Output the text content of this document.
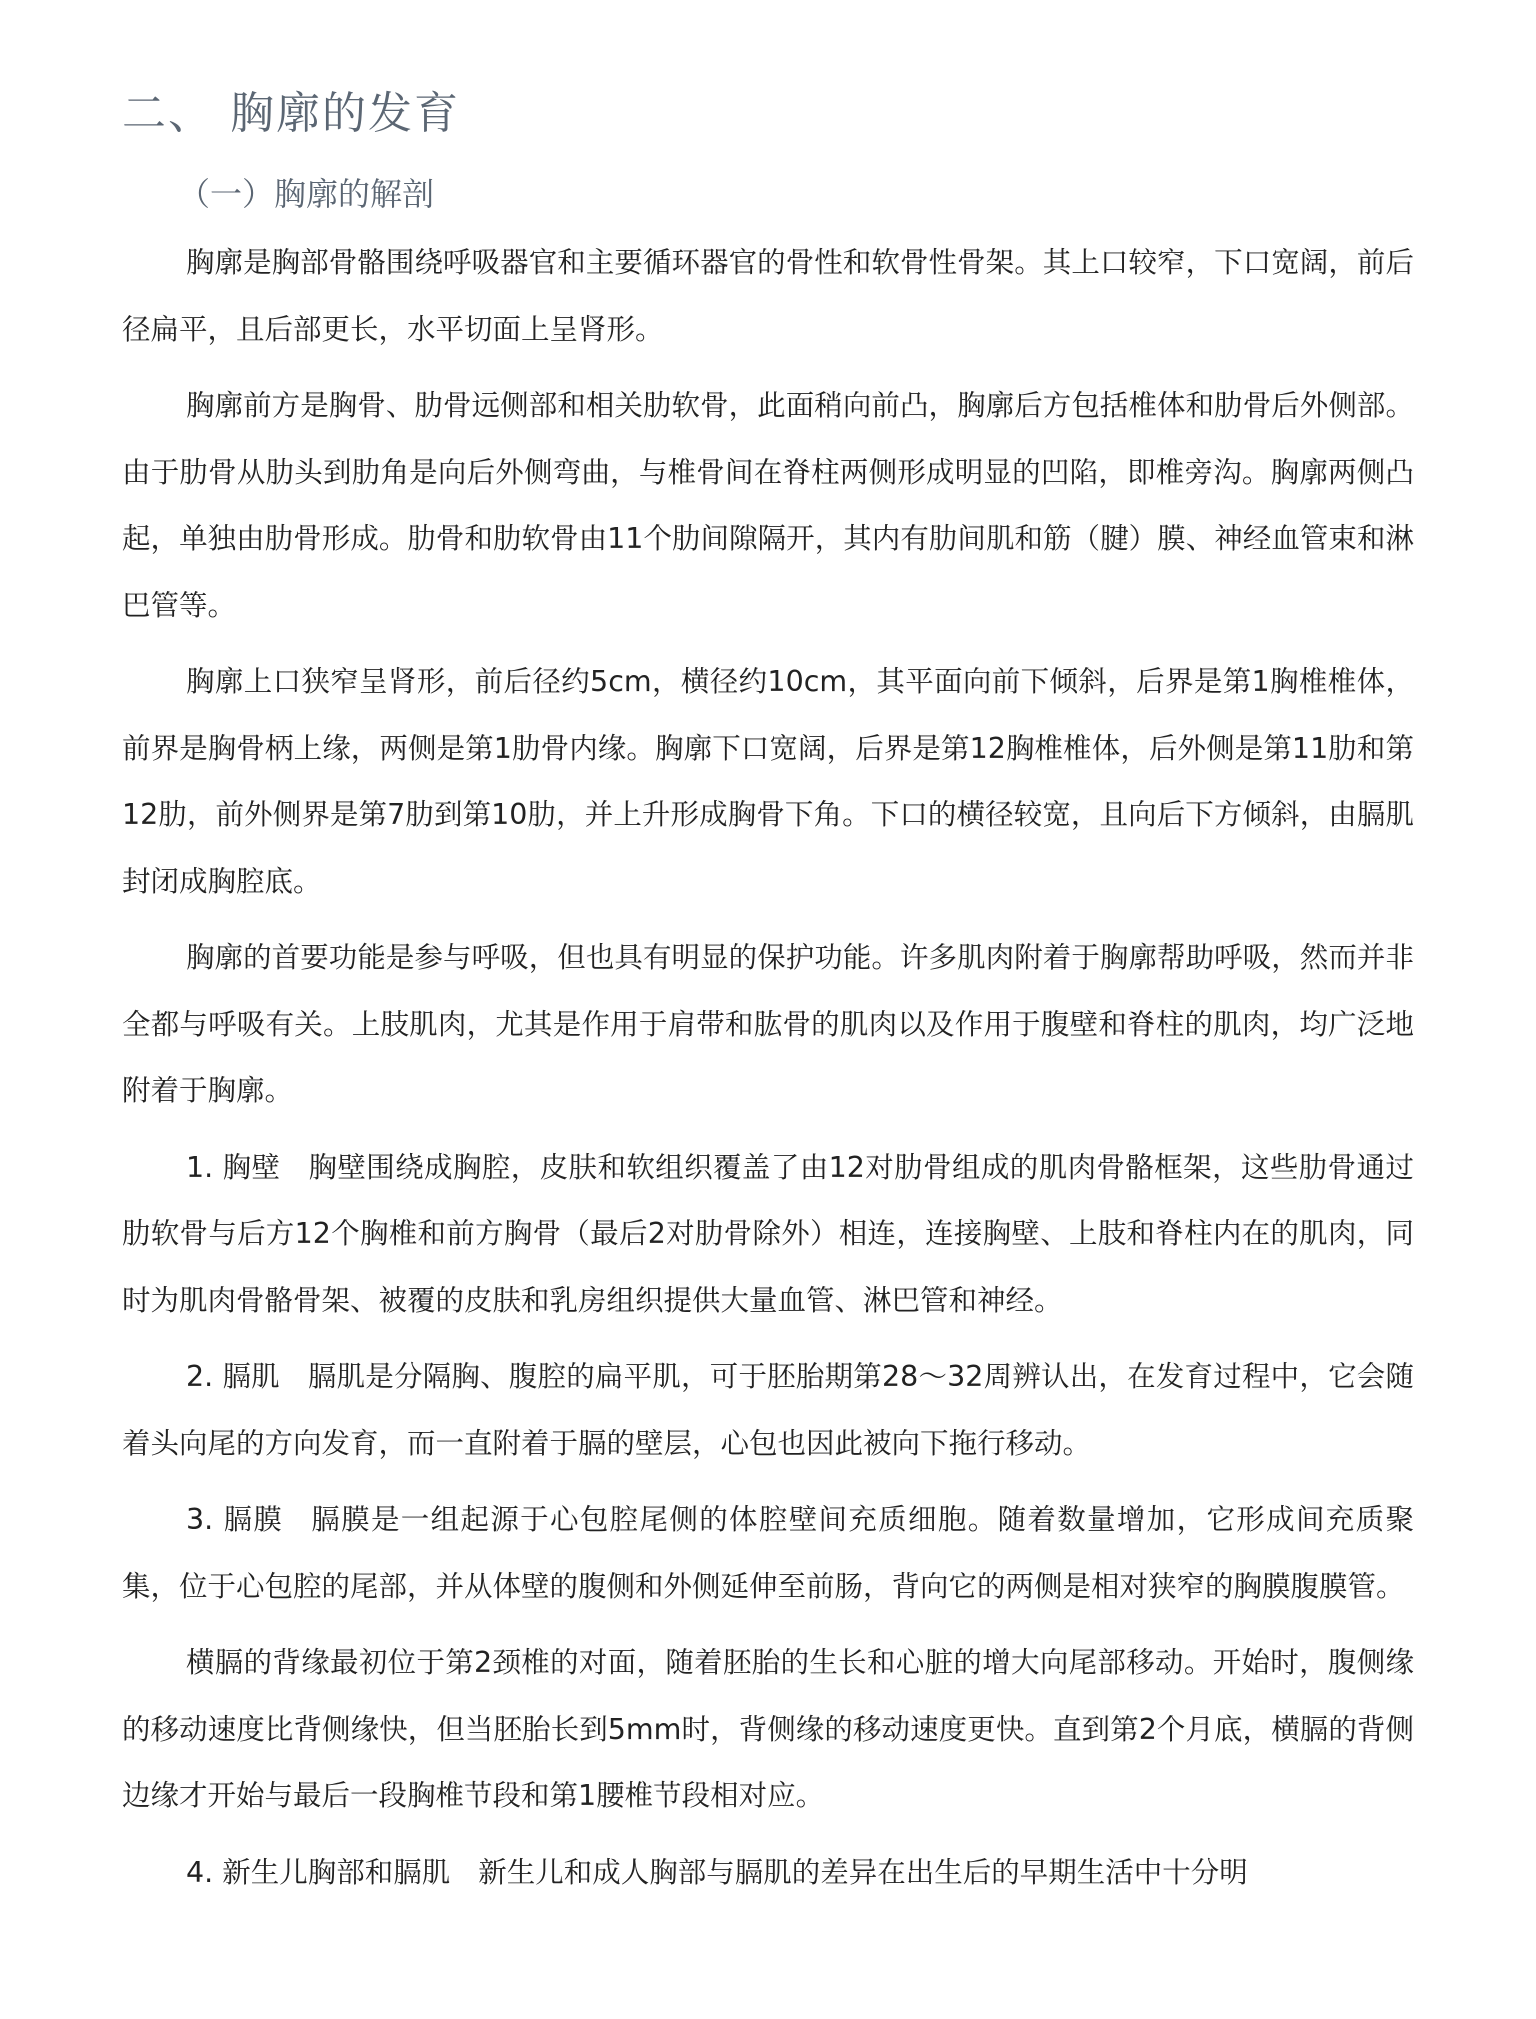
二、 胸廓的发育
（一）胸廓的解剖

胸廓是胸部骨骼围绕呼吸器官和主要循环器官的骨性和软骨性骨架。其上口较窄，下口宽阔，前后径扁平，且后部更长，水平切面上呈肾形。

胸廓前方是胸骨、肋骨远侧部和相关肋软骨，此面稍向前凸，胸廓后方包括椎体和肋骨后外侧部。由于肋骨从肋头到肋角是向后外侧弯曲，与椎骨间在脊柱两侧形成明显的凹陷，即椎旁沟。胸廓两侧凸起，单独由肋骨形成。肋骨和肋软骨由11个肋间隙隔开，其内有肋间肌和筋（腱）膜、神经血管束和淋巴管等。

胸廓上口狭窄呈肾形，前后径约5cm，横径约10cm，其平面向前下倾斜，后界是第1胸椎椎体，前界是胸骨柄上缘，两侧是第1肋骨内缘。胸廓下口宽阔，后界是第12胸椎椎体，后外侧是第11肋和第12肋，前外侧界是第7肋到第10肋，并上升形成胸骨下角。下口的横径较宽，且向后下方倾斜，由膈肌封闭成胸腔底。

胸廓的首要功能是参与呼吸，但也具有明显的保护功能。许多肌肉附着于胸廓帮助呼吸，然而并非全都与呼吸有关。上肢肌肉，尤其是作用于肩带和肱骨的肌肉以及作用于腹壁和脊柱的肌肉，均广泛地附着于胸廓。

1. 胸壁 胸壁围绕成胸腔，皮肤和软组织覆盖了由12对肋骨组成的肌肉骨骼框架，这些肋骨通过肋软骨与后方12个胸椎和前方胸骨（最后2对肋骨除外）相连，连接胸壁、上肢和脊柱内在的肌肉，同时为肌肉骨骼骨架、被覆的皮肤和乳房组织提供大量血管、淋巴管和神经。

2. 膈肌 膈肌是分隔胸、腹腔的扁平肌，可于胚胎期第28～32周辨认出，在发育过程中，它会随着头向尾的方向发育，而一直附着于膈的壁层，心包也因此被向下拖行移动。

3. 膈膜 膈膜是一组起源于心包腔尾侧的体腔壁间充质细胞。随着数量增加，它形成间充质聚集，位于心包腔的尾部，并从体壁的腹侧和外侧延伸至前肠，背向它的两侧是相对狭窄的胸膜腹膜管。

横膈的背缘最初位于第2颈椎的对面，随着胚胎的生长和心脏的增大向尾部移动。开始时，腹侧缘的移动速度比背侧缘快，但当胚胎长到5mm时，背侧缘的移动速度更快。直到第2个月底，横膈的背侧边缘才开始与最后一段胸椎节段和第1腰椎节段相对应。

4. 新生儿胸部和膈肌 新生儿和成人胸部与膈肌的差异在出生后的早期生活中十分明
